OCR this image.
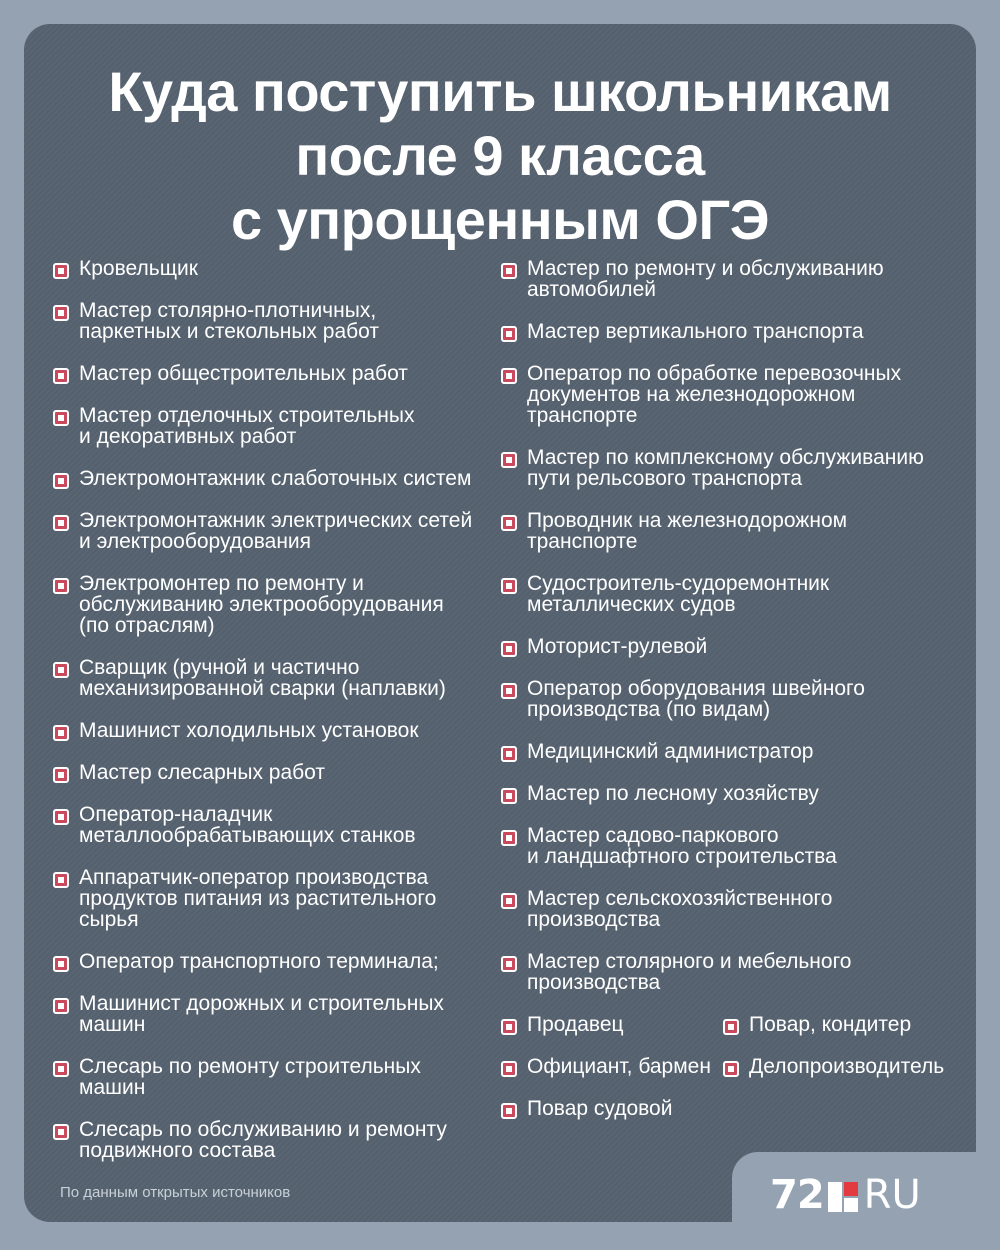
Куда поступить школьникам
после 9 класса
с упрощенным ОГЭ
Кровельщик
Мастер столярно-плотничных,
паркетных и стекольных работ
Мастер общестроительных работ
Мастер отделочных строительных
и декоративных работ
Электромонтажник слаботочных систем
Электромонтажник электрических сетей
и электрооборудования
Электромонтер по ремонту и
обслуживанию электрооборудования
(по отраслям)
Сварщик (ручной и частично
механизированной сварки (наплавки)
Машинист холодильных установок
Мастер слесарных работ
Оператор-наладчик
металлообрабатывающих станков
Аппаратчик-оператор производства
продуктов питания из растительного
сырья
Оператор транспортного терминала;
Машинист дорожных и строительных
машин
Слесарь по ремонту строительных
машин
Слесарь по обслуживанию и ремонту
подвижного состава
Мастер по ремонту и обслуживанию
автомобилей
Мастер вертикального транспорта
Оператор по обработке перевозочных
документов на железнодорожном
транспорте
Мастер по комплексному обслуживанию
пути рельсового транспорта
Проводник на железнодорожном
транспорте
Судостроитель-судоремонтник
металлических судов
Моторист-рулевой
Оператор оборудования швейного
производства (по видам)
Медицинский администратор
Мастер по лесному хозяйству
Мастер садово-паркового
и ландшафтного строительства
Мастер сельскохозяйственного
производства
Мастер столярного и мебельного
производства
Продавец	Повар, кондитер
Официант, бармен	Делопроизводитель
Повар судовой
По данным открытых источников	72 RU
